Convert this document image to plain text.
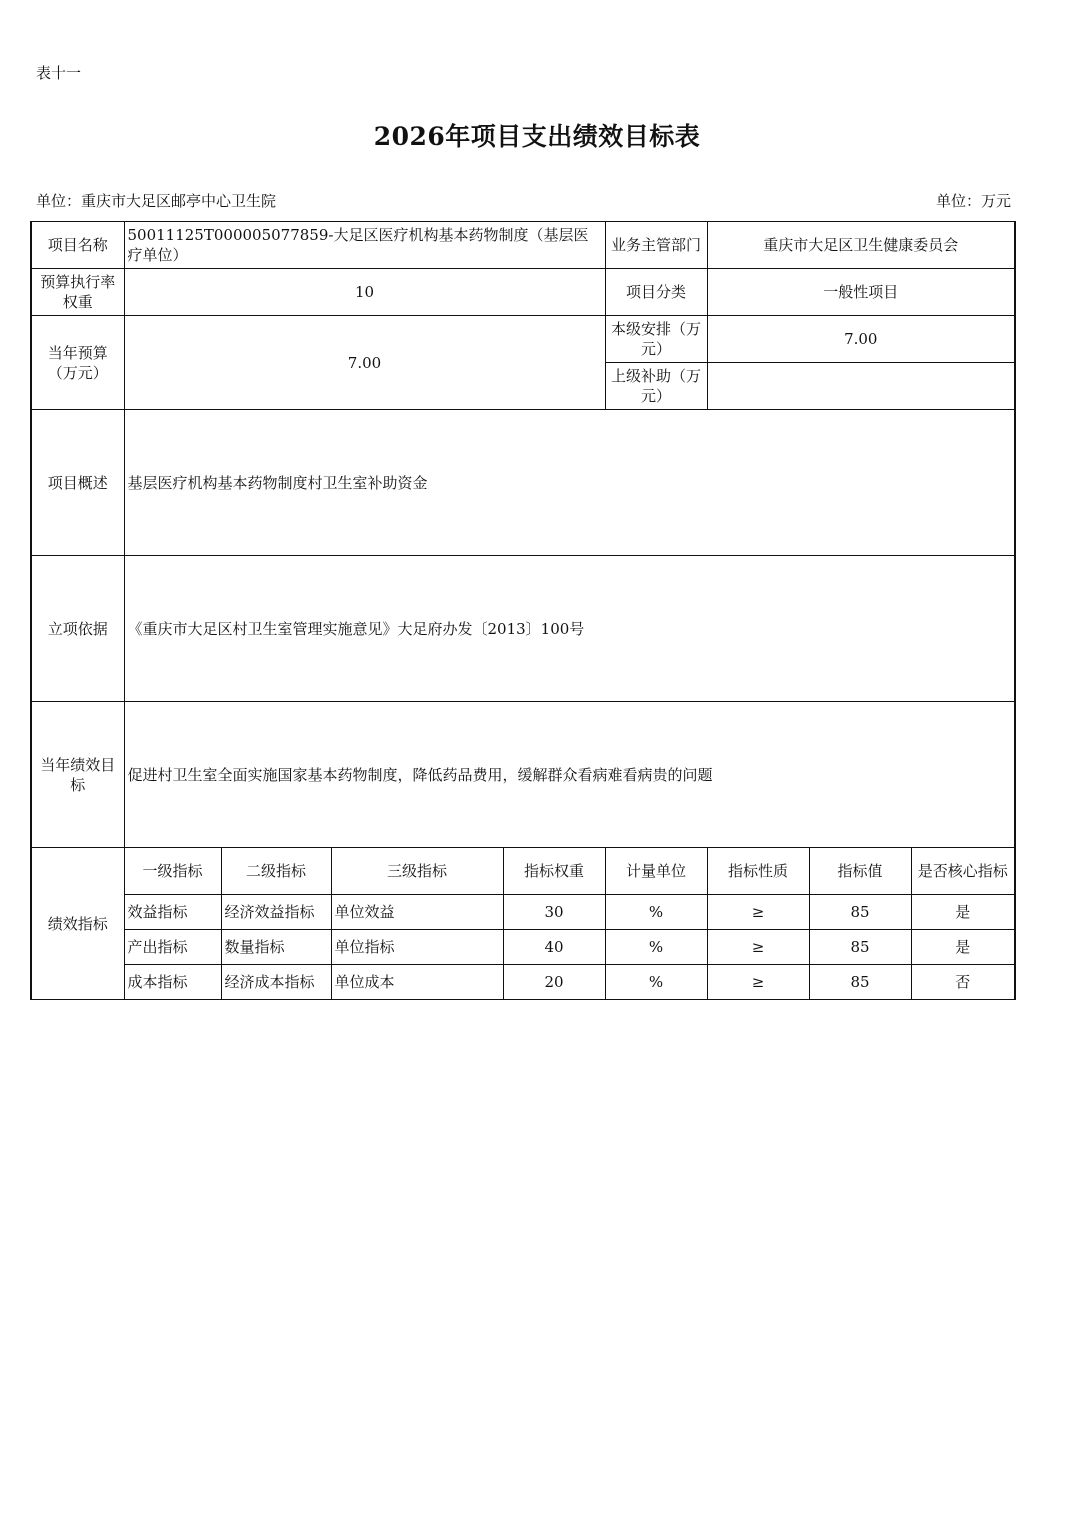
表十一
2026年项目支出绩效目标表
单位：重庆市大足区邮亭中心卫生院	单位：万元
项目名称	50011125T000005077859-大足区医疗机构基本药物制度（基层医疗单位）				业务主管部门	重庆市大足区卫生健康委员会		
预算执行率权重	10				项目分类	一般性项目		
当年预算（万元）	7.00				本级安排（万元）	7.00		
					上级补助（万元）			
项目概述	基层医疗机构基本药物制度村卫生室补助资金							
立项依据	《重庆市大足区村卫生室管理实施意见》大足府办发〔2013〕100号							
当年绩效目标	促进村卫生室全面实施国家基本药物制度，降低药品费用，缓解群众看病难看病贵的问题							
绩效指标	一级指标	二级指标	三级指标	指标权重	计量单位	指标性质	指标值	是否核心指标
	效益指标	经济效益指标	单位效益	30	%	≥	85	是
	产出指标	数量指标	单位指标	40	%	≥	85	是
	成本指标	经济成本指标	单位成本	20	%	≥	85	否
